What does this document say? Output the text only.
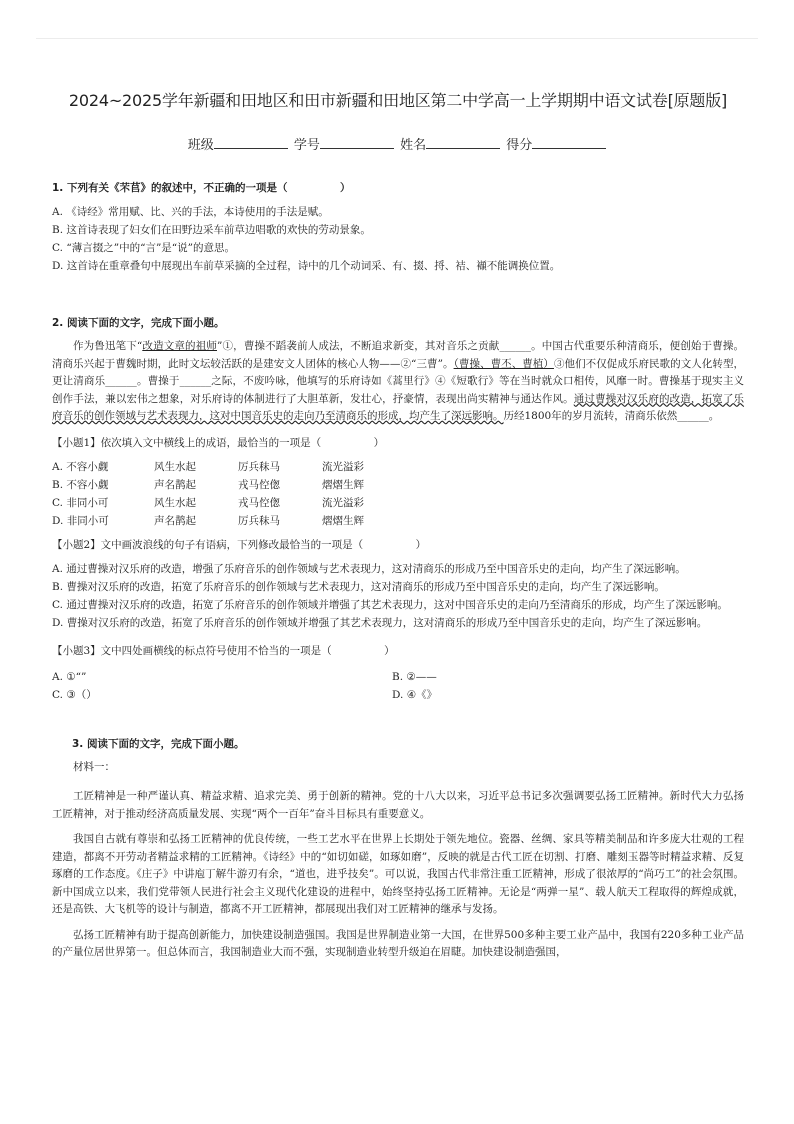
2024~2025学年新疆和田地区和田市新疆和田地区第二中学高一上学期期中语文试卷[原题版]
班级	学号	姓名	得分
1. 下列有关《芣苢》的叙述中，不正确的一项是（　　　　　）
A. 《诗经》常用赋、比、兴的手法，本诗使用的手法是赋。
B. 这首诗表现了妇女们在田野边采车前草边唱歌的欢快的劳动景象。
C. “薄言掇之”中的“言”是“说”的意思。
D. 这首诗在重章叠句中展现出车前草采摘的全过程，诗中的几个动词采、有、掇、捋、袺、襭不能调换位置。
2. 阅读下面的文字，完成下面小题。
作为鲁迅笔下“改造文章的祖师”①，曹操不蹈袭前人成法，不断追求新变，其对音乐之贡献______。中国古代重要乐种清商乐，便创始于曹操。清商乐兴起于曹魏时期，此时文坛较活跃的是建安文人团体的核心人物——②“三曹”。（曹操、曹丕、曹植）③他们不仅促成乐府民歌的文人化转型，更让清商乐______。曹操于______之际，不废吟咏，他填写的乐府诗如《蒿里行》④《短歌行》等在当时就众口相传，风靡一时。曹操基于现实主义创作手法，兼以宏伟之想象，对乐府诗的体制进行了大胆革新，发壮心，抒豪情，表现出尚实精神与通达作风。通过曹操对汉乐府的改造，拓宽了乐府音乐的创作领域与艺术表现力，这对中国音乐史的走向乃至清商乐的形成，均产生了深远影响。历经1800年的岁月流转，清商乐依然______。
【小题1】依次填入文中横线上的成语，最恰当的一项是（　　　　　）
A. 不容小觑	风生水起	厉兵秣马	流光溢彩
B. 不容小觑	声名鹊起	戎马倥偬	熠熠生辉
C. 非同小可	风生水起	戎马倥偬	流光溢彩
D. 非同小可	声名鹊起	厉兵秣马	熠熠生辉
【小题2】文中画波浪线的句子有语病，下列修改最恰当的一项是（　　　　　）
A. 通过曹操对汉乐府的改造，增强了乐府音乐的创作领域与艺术表现力，这对清商乐的形成乃至中国音乐史的走向，均产生了深远影响。
B. 曹操对汉乐府的改造，拓宽了乐府音乐的创作领域与艺术表现力，这对清商乐的形成乃至中国音乐史的走向，均产生了深远影响。
C. 通过曹操对汉乐府的改造，拓宽了乐府音乐的创作领域并增强了其艺术表现力，这对中国音乐史的走向乃至清商乐的形成，均产生了深远影响。
D. 曹操对汉乐府的改造，拓宽了乐府音乐的创作领域并增强了其艺术表现力，这对清商乐的形成乃至中国音乐史的走向，均产生了深远影响。
【小题3】文中四处画横线的标点符号使用不恰当的一项是（　　　　　）
A. ①“”	B. ②——
C. ③（）	D. ④《》
3. 阅读下面的文字，完成下面小题。
材料一：
工匠精神是一种严谨认真、精益求精、追求完美、勇于创新的精神。党的十八大以来，习近平总书记多次强调要弘扬工匠精神。新时代大力弘扬工匠精神，对于推动经济高质量发展、实现“两个一百年”奋斗目标具有重要意义。
我国自古就有尊崇和弘扬工匠精神的优良传统，一些工艺水平在世界上长期处于领先地位。瓷器、丝绸、家具等精美制品和许多庞大壮观的工程建造，都离不开劳动者精益求精的工匠精神。《诗经》中的“如切如磋，如琢如磨”，反映的就是古代工匠在切割、打磨、雕刻玉器等时精益求精、反复琢磨的工作态度。《庄子》中讲庖丁解牛游刃有余，“道也，进乎技矣”。可以说，我国古代非常注重工匠精神，形成了很浓厚的“尚巧工”的社会氛围。新中国成立以来，我们党带领人民进行社会主义现代化建设的进程中，始终坚持弘扬工匠精神。无论是“两弹一星”、载人航天工程取得的辉煌成就，还是高铁、大飞机等的设计与制造，都离不开工匠精神，都展现出我们对工匠精神的继承与发扬。
弘扬工匠精神有助于提高创新能力，加快建设制造强国。我国是世界制造业第一大国，在世界500多种主要工业产品中，我国有220多种工业产品的产量位居世界第一。但总体而言，我国制造业大而不强，实现制造业转型升级迫在眉睫。加快建设制造强国，
